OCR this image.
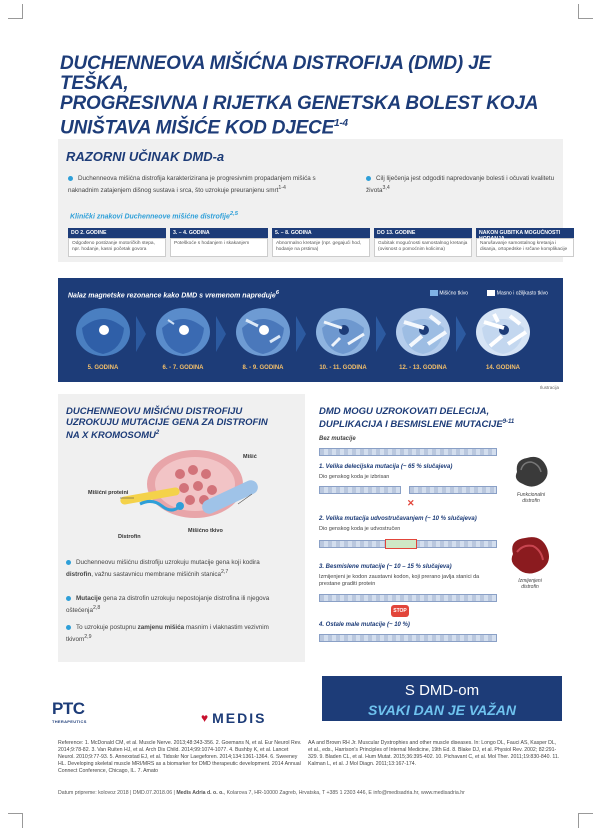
DUCHENNEOVA MIŠIĆNA DISTROFIJA (DMD) JE TEŠKA,
PROGRESIVNA I RIJETKA GENETSKA BOLEST KOJA
UNIŠTAVA MIŠIĆE KOD DJECE$^{1-4}$
RAZORNI UČINAK DMD-a
Duchenneova mišićna distrofija karakterizirana je progresivnim propadanjem mišića s naknadnim zatajenjem dišnog sustava i srca, što uzrokuje preuranjenu smrt$^{1-4}$
Cilj liječenja jest odgoditi napredovanje bolesti i očuvati kvalitetu života$^{3,4}$
Klinički znakovi Duchenneove mišićne distrofije$^{2,5}$
DO 2. GODINE
Odgođeno postizanje motoričkih stepa, npr. hodanje, kasni početak govora
3. – 4. GODINA
Poteškoće s hodanjem i skakanjem
5. – 8. GODINA
Abnormalno kretanje (npr. gegajući hod, hodanje na prstima)
DO 13. GODINE
Gubitak mogućnosti samostalnog kretanja (ovisnost o pomoćnim kolicima)
NAKON GUBITKA MOGUĆNOSTI HODANJA
Narušavanje samostalnog kretanja i disanja, ortopedske i srčane komplikacije
Nalaz magnetske rezonance kako DMD s vremenom napreduje$^6$	Mišićno tkivo	Masno i ožiljkasto tkivo
5. GODINA	6. - 7. GODINA	8. - 9. GODINA	10. - 11. GODINA	12. - 13. GODINA	14. GODINA
Ilustracija
DUCHENNEOVU MIŠIĆNU DISTROFIJU
UZROKUJU MUTACIJE GENA ZA DISTROFIN
NA X KROMOSOMU$^2$
Mišić
Mišićni proteini
Distrofin
Mišićno tkivo
Duchenneovu mišićnu distrofiju uzrokuju mutacije gena koji kodira distrofin, važnu sastavnicu membrane mišićnih stanica$^{2,7}$
Mutacije gena za distrofin uzrokuju nepostojanje distrofina ili njegova oštećenja$^{2,8}$
To uzrokuje postupnu zamjenu mišića masnim i vlaknastim vezivnim tkivom$^{2,9}$
DMD MOGU UZROKOVATI DELECIJA,
DUPLIKACIJA I BESMISLENE MUTACIJE$^{9-11}$
Bez mutacije
1. Velika delecijska mutacija (~ 65 % slučajeva)
Dio genskog koda je izbrisan
✕
2. Velika mutacija udvostručavanjem (~ 10 % slučajeva)
Dio genskog koda je udvostručen
3. Besmislene mutacije (~ 10 – 15 % slučajeva)
Izmijenjeni je kodon zaustavni kodon, koji prerano javlja stanici da prestane graditi protein
STOP
4. Ostale male mutacije (~ 10 %)
Funkcionalni
distrofin
Izmijenjeni
distrofin
PTC
THERAPEUTICS	♥ MEDIS
S DMD-om
SVAKI DAN JE VAŽAN
Reference: 1. McDonald CM, et al. Muscle Nerve. 2013;48:343-356. 2. Goemans N, et al. Eur Neurol Rev. 2014;9:78-82. 3. Van Ruiten HJ, et al. Arch Dis Child. 2014;99:1074-1077. 4. Bushby K, et al. Lancet Neurol. 2010;9:77-93. 5. Annexstad EJ, et al. Tidsskr Nor Laegeforen. 2014;134:1361-1364. 6. Sweeney HL. Developing skeletal muscle MRI/MRS as a biomarker for DMD therapeutic development. 2014 Annual Connect Conference, Chicago, IL. 7. Amato
AA and Brown RH Jr. Muscular Dystrophies and other muscle diseases. In: Longo DL, Fauci AS, Kasper DL, et al., eds., Harrison's Principles of Internal Medicine, 19th Ed. 8. Blake DJ, et al. Physiol Rev. 2002; 82:291-329. 9. Bladen CL, et al. Hum Mutat. 2015;36:395-402. 10. Pichavant C, et al. Mol Ther. 2011;19:830-840. 11. Kalman L, et al. J Mol Diagn. 2011;13:167-174.
Datum pripreme: kolovoz 2018 | DMD.07.2018.06 | Medis Adria d. o. o., Kolarova 7, HR-10000 Zagreb, Hrvatska, T +385 1 2303 446, E info@medisadria.hr, www.medisadria.hr
